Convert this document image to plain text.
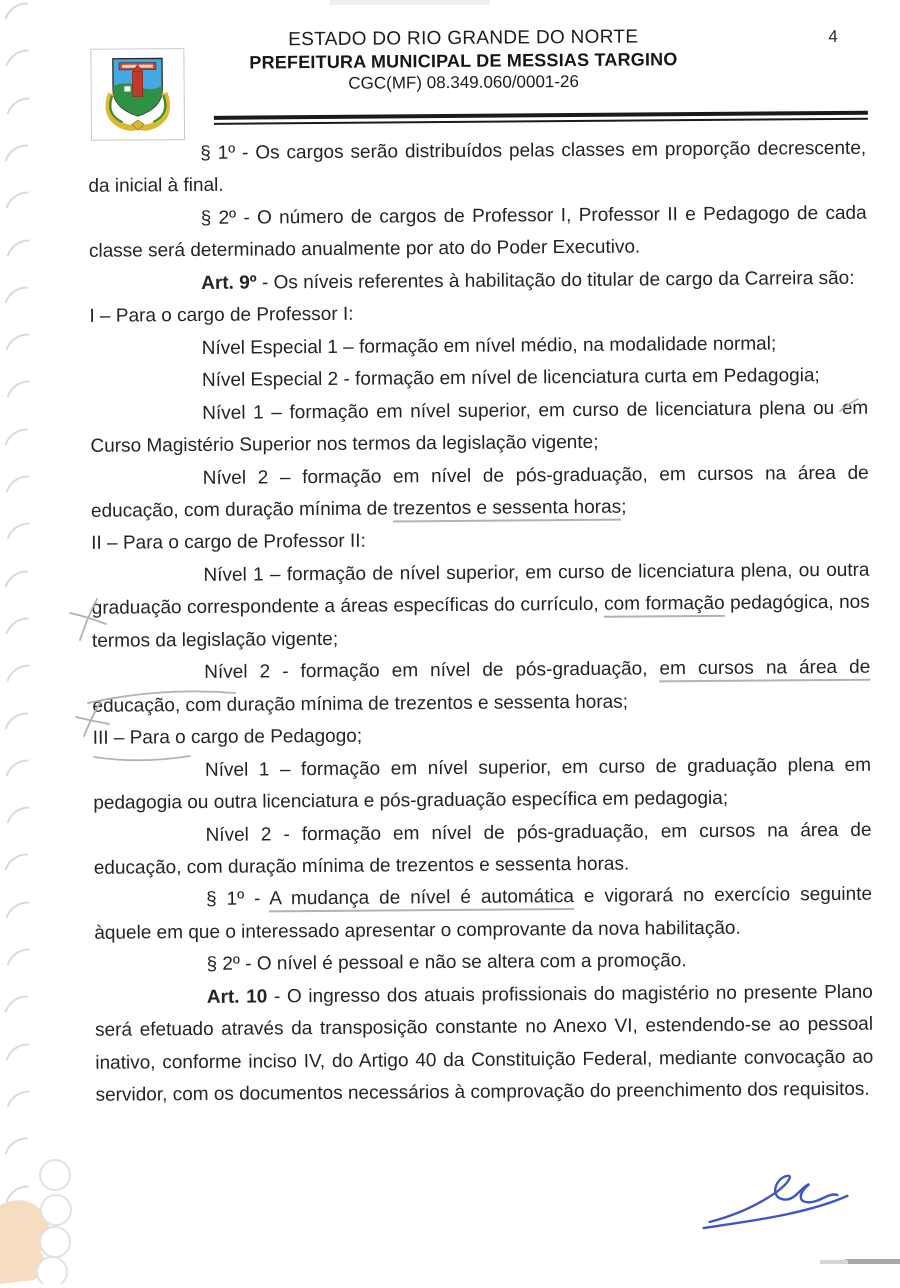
ESTADO DO RIO GRANDE DO NORTE
PREFEITURA MUNICIPAL DE MESSIAS TARGINO
CGC(MF) 08.349.060/0001-26
4

§ 1º - Os cargos serão distribuídos pelas classes em proporção decrescente, da inicial à final.

§ 2º - O número de cargos de Professor I, Professor II e Pedagogo de cada classe será determinado anualmente por ato do Poder Executivo.

Art. 9º - Os níveis referentes à habilitação do titular de cargo da Carreira são:

I – Para o cargo de Professor I:

Nível Especial 1 – formação em nível médio, na modalidade normal;

Nível Especial 2 - formação em nível de licenciatura curta em Pedagogia;

Nível 1 – formação em nível superior, em curso de licenciatura plena ou em Curso Magistério Superior nos termos da legislação vigente;

Nível 2 – formação em nível de pós-graduação, em cursos na área de educação, com duração mínima de trezentos e sessenta horas;

II – Para o cargo de Professor II:

Nível 1 – formação de nível superior, em curso de licenciatura plena, ou outra graduação correspondente a áreas específicas do currículo, com formação pedagógica, nos termos da legislação vigente;

Nível 2 - formação em nível de pós-graduação, em cursos na área de educação, com duração mínima de trezentos e sessenta horas;

III – Para o cargo de Pedagogo;

Nível 1 – formação em nível superior, em curso de graduação plena em pedagogia ou outra licenciatura e pós-graduação específica em pedagogia;

Nível 2 - formação em nível de pós-graduação, em cursos na área de educação, com duração mínima de trezentos e sessenta horas.

§ 1º - A mudança de nível é automática e vigorará no exercício seguinte àquele em que o interessado apresentar o comprovante da nova habilitação.

§ 2º - O nível é pessoal e não se altera com a promoção.

Art. 10 - O ingresso dos atuais profissionais do magistério no presente Plano será efetuado através da transposição constante no Anexo VI, estendendo-se ao pessoal inativo, conforme inciso IV, do Artigo 40 da Constituição Federal, mediante convocação ao servidor, com os documentos necessários à comprovação do preenchimento dos requisitos.
